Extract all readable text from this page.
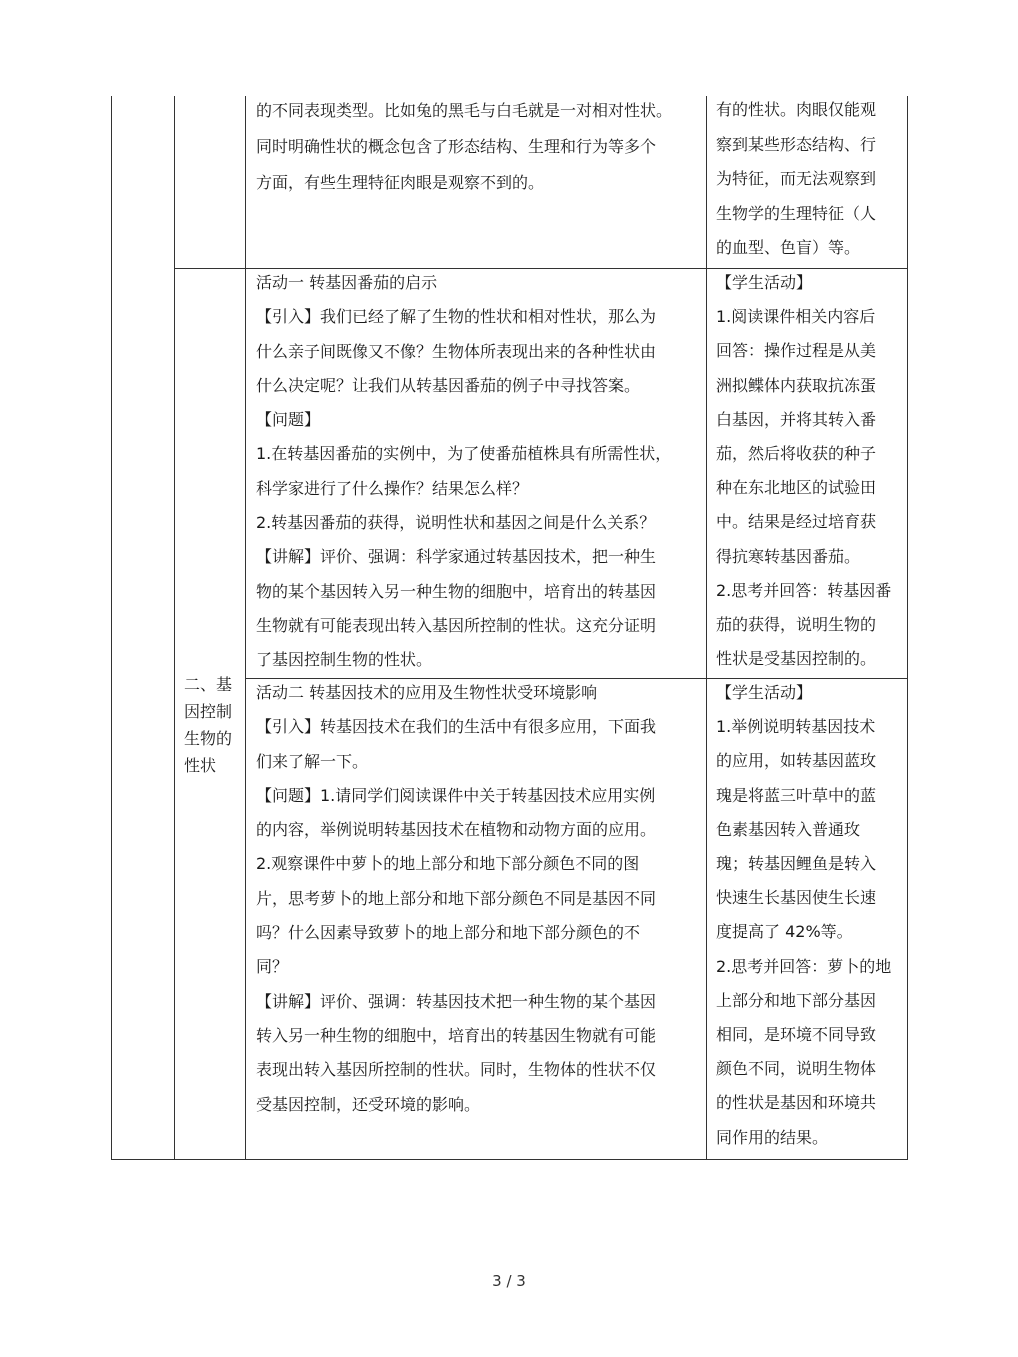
二、基

因控制

生物的

性状

的不同表现类型。比如兔的黑毛与白毛就是一对相对性状。

同时明确性状的概念包含了形态结构、生理和行为等多个

方面，有些生理特征肉眼是观察不到的。

有的性状。肉眼仅能观

察到某些形态结构、行

为特征，而无法观察到

生物学的生理特征（人

的血型、色盲）等。

活动一 转基因番茄的启示

【引入】我们已经了解了生物的性状和相对性状，那么为

什么亲子间既像又不像？生物体所表现出来的各种性状由

什么决定呢？让我们从转基因番茄的例子中寻找答案。

【问题】

1.在转基因番茄的实例中，为了使番茄植株具有所需性状，

科学家进行了什么操作？结果怎么样？

2.转基因番茄的获得，说明性状和基因之间是什么关系？

【讲解】评价、强调：科学家通过转基因技术，把一种生

物的某个基因转入另一种生物的细胞中，培育出的转基因

生物就有可能表现出转入基因所控制的性状。这充分证明

了基因控制生物的性状。

【学生活动】

1.阅读课件相关内容后

回答：操作过程是从美

洲拟鲽体内获取抗冻蛋

白基因，并将其转入番

茄，然后将收获的种子

种在东北地区的试验田

中。结果是经过培育获

得抗寒转基因番茄。

2.思考并回答：转基因番

茄的获得，说明生物的

性状是受基因控制的。

活动二 转基因技术的应用及生物性状受环境影响

【引入】转基因技术在我们的生活中有很多应用，下面我

们来了解一下。

【问题】1.请同学们阅读课件中关于转基因技术应用实例

的内容，举例说明转基因技术在植物和动物方面的应用。

2.观察课件中萝卜的地上部分和地下部分颜色不同的图

片，思考萝卜的地上部分和地下部分颜色不同是基因不同

吗？什么因素导致萝卜的地上部分和地下部分颜色的不

同？

【讲解】评价、强调：转基因技术把一种生物的某个基因

转入另一种生物的细胞中，培育出的转基因生物就有可能

表现出转入基因所控制的性状。同时，生物体的性状不仅

受基因控制，还受环境的影响。

【学生活动】

1.举例说明转基因技术

的应用，如转基因蓝玫

瑰是将蓝三叶草中的蓝

色素基因转入普通玫

瑰；转基因鲤鱼是转入

快速生长基因使生长速

度提高了 42%等。

2.思考并回答：萝卜的地

上部分和地下部分基因

相同，是环境不同导致

颜色不同，说明生物体

的性状是基因和环境共

同作用的结果。

3 / 3
